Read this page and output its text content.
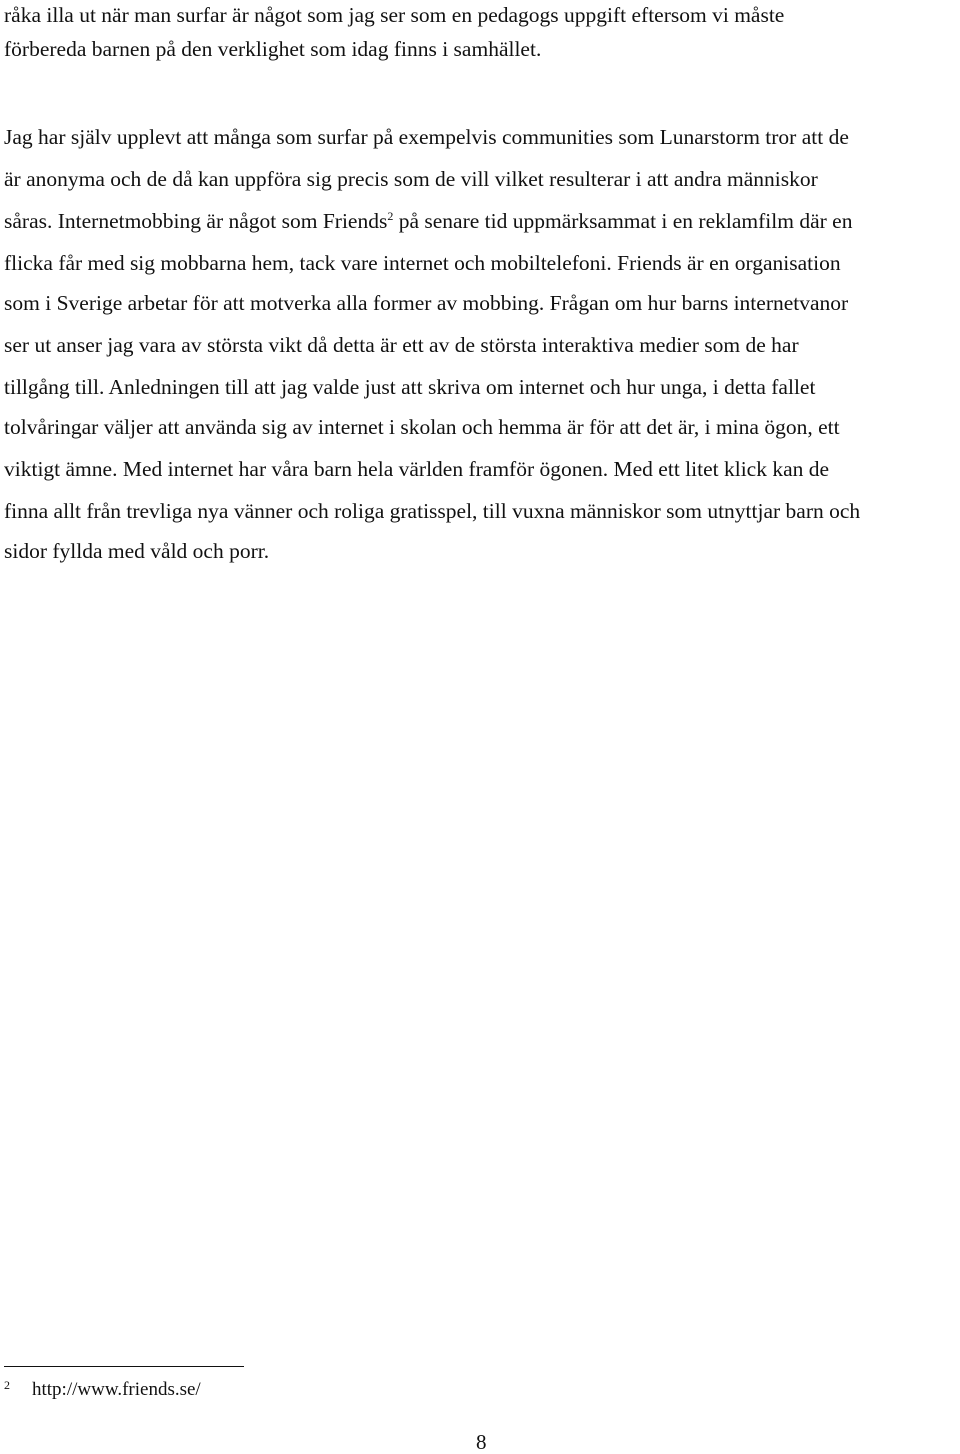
råka illa ut när man surfar är något som jag ser som en pedagogs uppgift eftersom vi måste

förbereda barnen på den verklighet som idag finns i samhället.

Jag har själv upplevt att många som surfar på exempelvis communities som Lunarstorm tror att de

är anonyma och de då kan uppföra sig precis som de vill vilket resulterar i att andra människor

såras. Internetmobbing är något som Friends$^2$ på senare tid uppmärksammat i en reklamfilm där en

flicka får med sig mobbarna hem, tack vare internet och mobiltelefoni. Friends är en organisation

som i Sverige arbetar för att motverka alla former av mobbing. Frågan om hur barns internetvanor

ser ut anser jag vara av största vikt då detta är ett av de största interaktiva medier som de har

tillgång till. Anledningen till att jag valde just att skriva om internet och hur unga, i detta fallet

tolvåringar väljer att använda sig av internet i skolan och hemma är för att det är, i mina ögon, ett

viktigt ämne. Med internet har våra barn hela världen framför ögonen. Med ett litet klick kan de

finna allt från trevliga nya vänner och roliga gratisspel, till vuxna människor som utnyttjar barn och

sidor fyllda med våld och porr.

2 http://www.friends.se/
8
